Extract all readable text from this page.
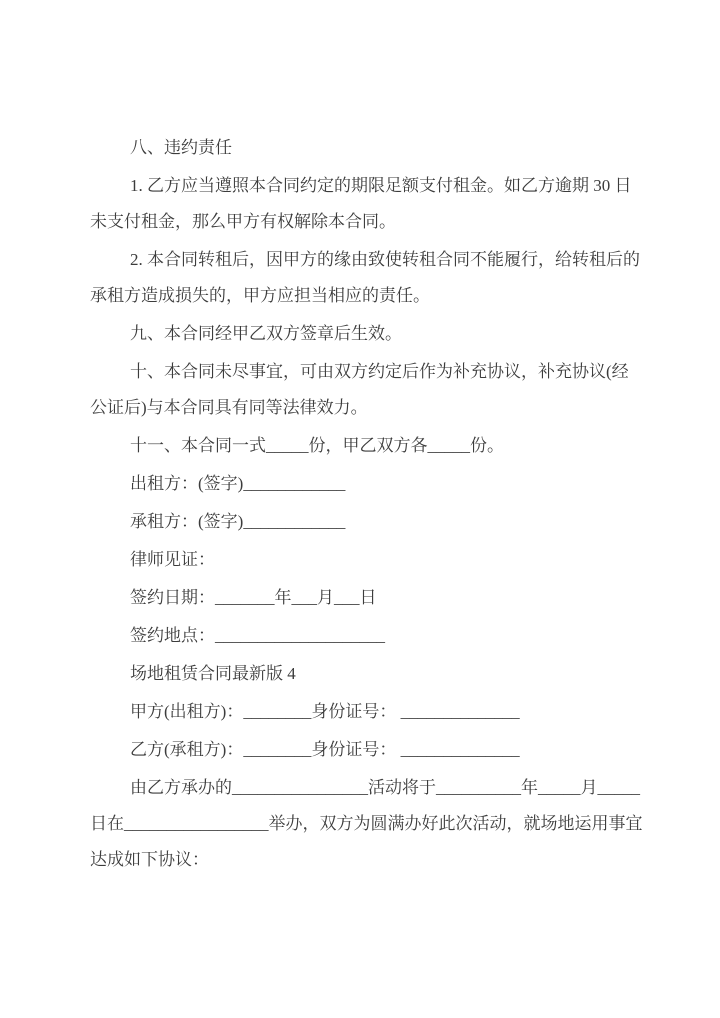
八、违约责任

1. 乙方应当遵照本合同约定的期限足额支付租金。如乙方逾期 30 日未支付租金，那么甲方有权解除本合同。

2. 本合同转租后，因甲方的缘由致使转租合同不能履行，给转租后的承租方造成损失的，甲方应担当相应的责任。

九、本合同经甲乙双方签章后生效。

十、本合同未尽事宜，可由双方约定后作为补充协议，补充协议(经公证后)与本合同具有同等法律效力。

十一、本合同一式_____份，甲乙双方各_____份。

出租方：(签字)____________

承租方：(签字)____________

律师见证：

签约日期：_______年___月___日

签约地点：____________________

场地租赁合同最新版 4

甲方(出租方)：________身份证号： ______________

乙方(承租方)：________身份证号： ______________

由乙方承办的________________活动将于__________年_____月_____日在_________________举办，双方为圆满办好此次活动，就场地运用事宜达成如下协议：
